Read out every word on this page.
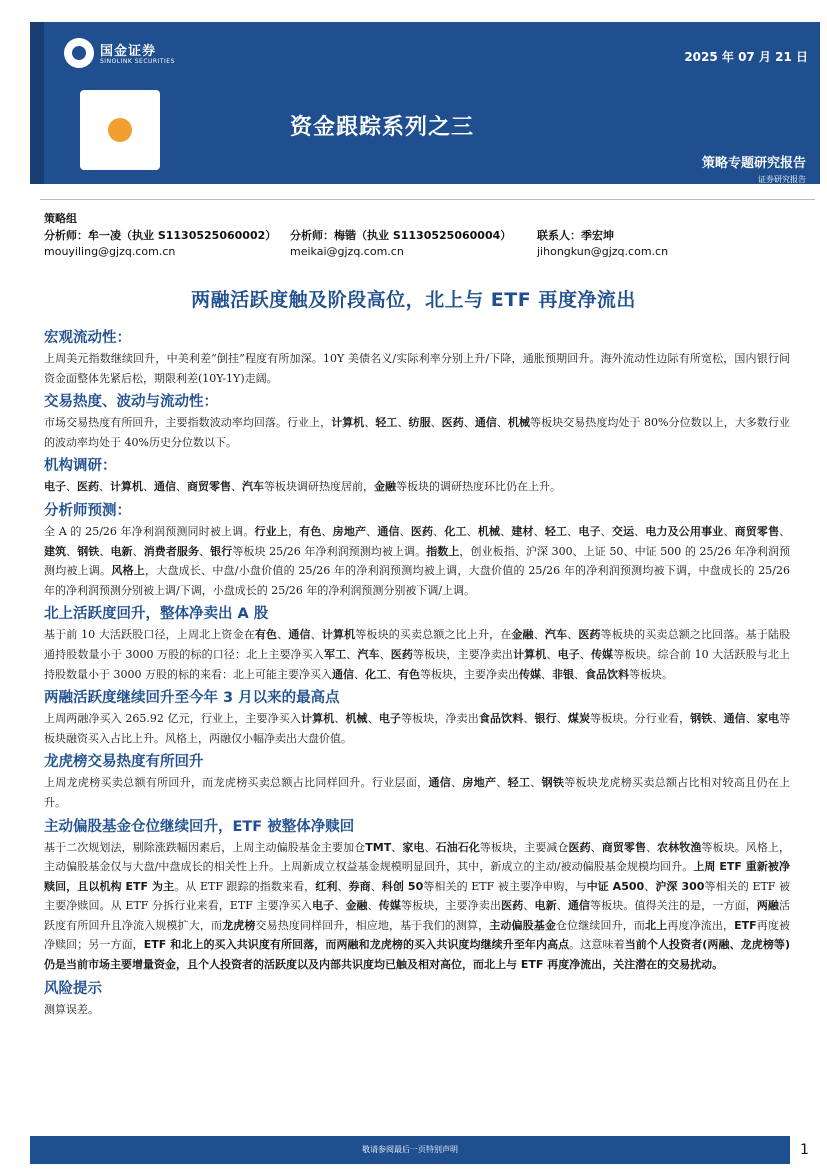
国金证券
SINOLINK SECURITIES	2025 年 07 月 21 日
资金跟踪系列之三
策略专题研究报告
证券研究报告
策略组
分析师：牟一凌（执业 S1130525060002） 分析师：梅锴（执业 S1130525060004） 联系人：季宏坤
mouyiling@gjzq.com.cn	meikai@gjzq.com.cn	jihongkun@gjzq.com.cn
两融活跃度触及阶段高位，北上与 ETF 再度净流出
宏观流动性：

上周美元指数继续回升，中美利差“倒挂”程度有所加深。10Y 美债名义/实际利率分别上升/下降，通胀预期回升。海外流动性边际有所宽松，国内银行间资金面整体先紧后松，期限利差(10Y-1Y)走阔。

交易热度、波动与流动性：

市场交易热度有所回升，主要指数波动率均回落。行业上，计算机、轻工、纺服、医药、通信、机械等板块交易热度均处于 80%分位数以上，大多数行业的波动率均处于 40%历史分位数以下。

机构调研：

电子、医药、计算机、通信、商贸零售、汽车等板块调研热度居前，金融等板块的调研热度环比仍在上升。

分析师预测：

全 A 的 25/26 年净利润预测同时被上调。行业上，有色、房地产、通信、医药、化工、机械、建材、轻工、电子、交运、电力及公用事业、商贸零售、建筑、钢铁、电新、消费者服务、银行等板块 25/26 年净利润预测均被上调。指数上，创业板指、沪深 300、上证 50、中证 500 的 25/26 年净利润预测均被上调。风格上，大盘成长、中盘/小盘价值的 25/26 年的净利润预测均被上调，大盘价值的 25/26 年的净利润预测均被下调，中盘成长的 25/26 年的净利润预测分别被上调/下调，小盘成长的 25/26 年的净利润预测分别被下调/上调。

北上活跃度回升，整体净卖出 A 股

基于前 10 大活跃股口径，上周北上资金在有色、通信、计算机等板块的买卖总额之比上升，在金融、汽车、医药等板块的买卖总额之比回落。基于陆股通持股数量小于 3000 万股的标的口径：北上主要净买入军工、汽车、医药等板块，主要净卖出计算机、电子、传媒等板块。综合前 10 大活跃股与北上持股数量小于 3000 万股的标的来看：北上可能主要净买入通信、化工、有色等板块，主要净卖出传媒、非银、食品饮料等板块。

两融活跃度继续回升至今年 3 月以来的最高点

上周两融净买入 265.92 亿元，行业上，主要净买入计算机、机械、电子等板块，净卖出食品饮料、银行、煤炭等板块。分行业看，钢铁、通信、家电等板块融资买入占比上升。风格上，两融仅小幅净卖出大盘价值。

龙虎榜交易热度有所回升

上周龙虎榜买卖总额有所回升，而龙虎榜买卖总额占比同样回升。行业层面，通信、房地产、轻工、钢铁等板块龙虎榜买卖总额占比相对较高且仍在上升。

主动偏股基金仓位继续回升，ETF 被整体净赎回

基于二次规划法，剔除涨跌幅因素后，上周主动偏股基金主要加仓TMT、家电、石油石化等板块，主要减仓医药、商贸零售、农林牧渔等板块。风格上，主动偏股基金仅与大盘/中盘成长的相关性上升。上周新成立权益基金规模明显回升，其中，新成立的主动/被动偏股基金规模均回升。上周 ETF 重新被净赎回，且以机构 ETF 为主。从 ETF 跟踪的指数来看，红利、券商、科创 50等相关的 ETF 被主要净申购，与中证 A500、沪深 300等相关的 ETF 被主要净赎回。从 ETF 分拆行业来看，ETF 主要净买入电子、金融、传媒等板块，主要净卖出医药、电新、通信等板块。值得关注的是，一方面，两融活跃度有所回升且净流入规模扩大，而龙虎榜交易热度同样回升，相应地，基于我们的测算，主动偏股基金仓位继续回升，而北上再度净流出，ETF再度被净赎回；另一方面，ETF 和北上的买入共识度有所回落，而两融和龙虎榜的买入共识度均继续升至年内高点。这意味着当前个人投资者(两融、龙虎榜等)仍是当前市场主要增量资金，且个人投资者的活跃度以及内部共识度均已触及相对高位，而北上与 ETF 再度净流出，关注潜在的交易扰动。

风险提示

测算误差。

敬请参阅最后一页特别声明	1
